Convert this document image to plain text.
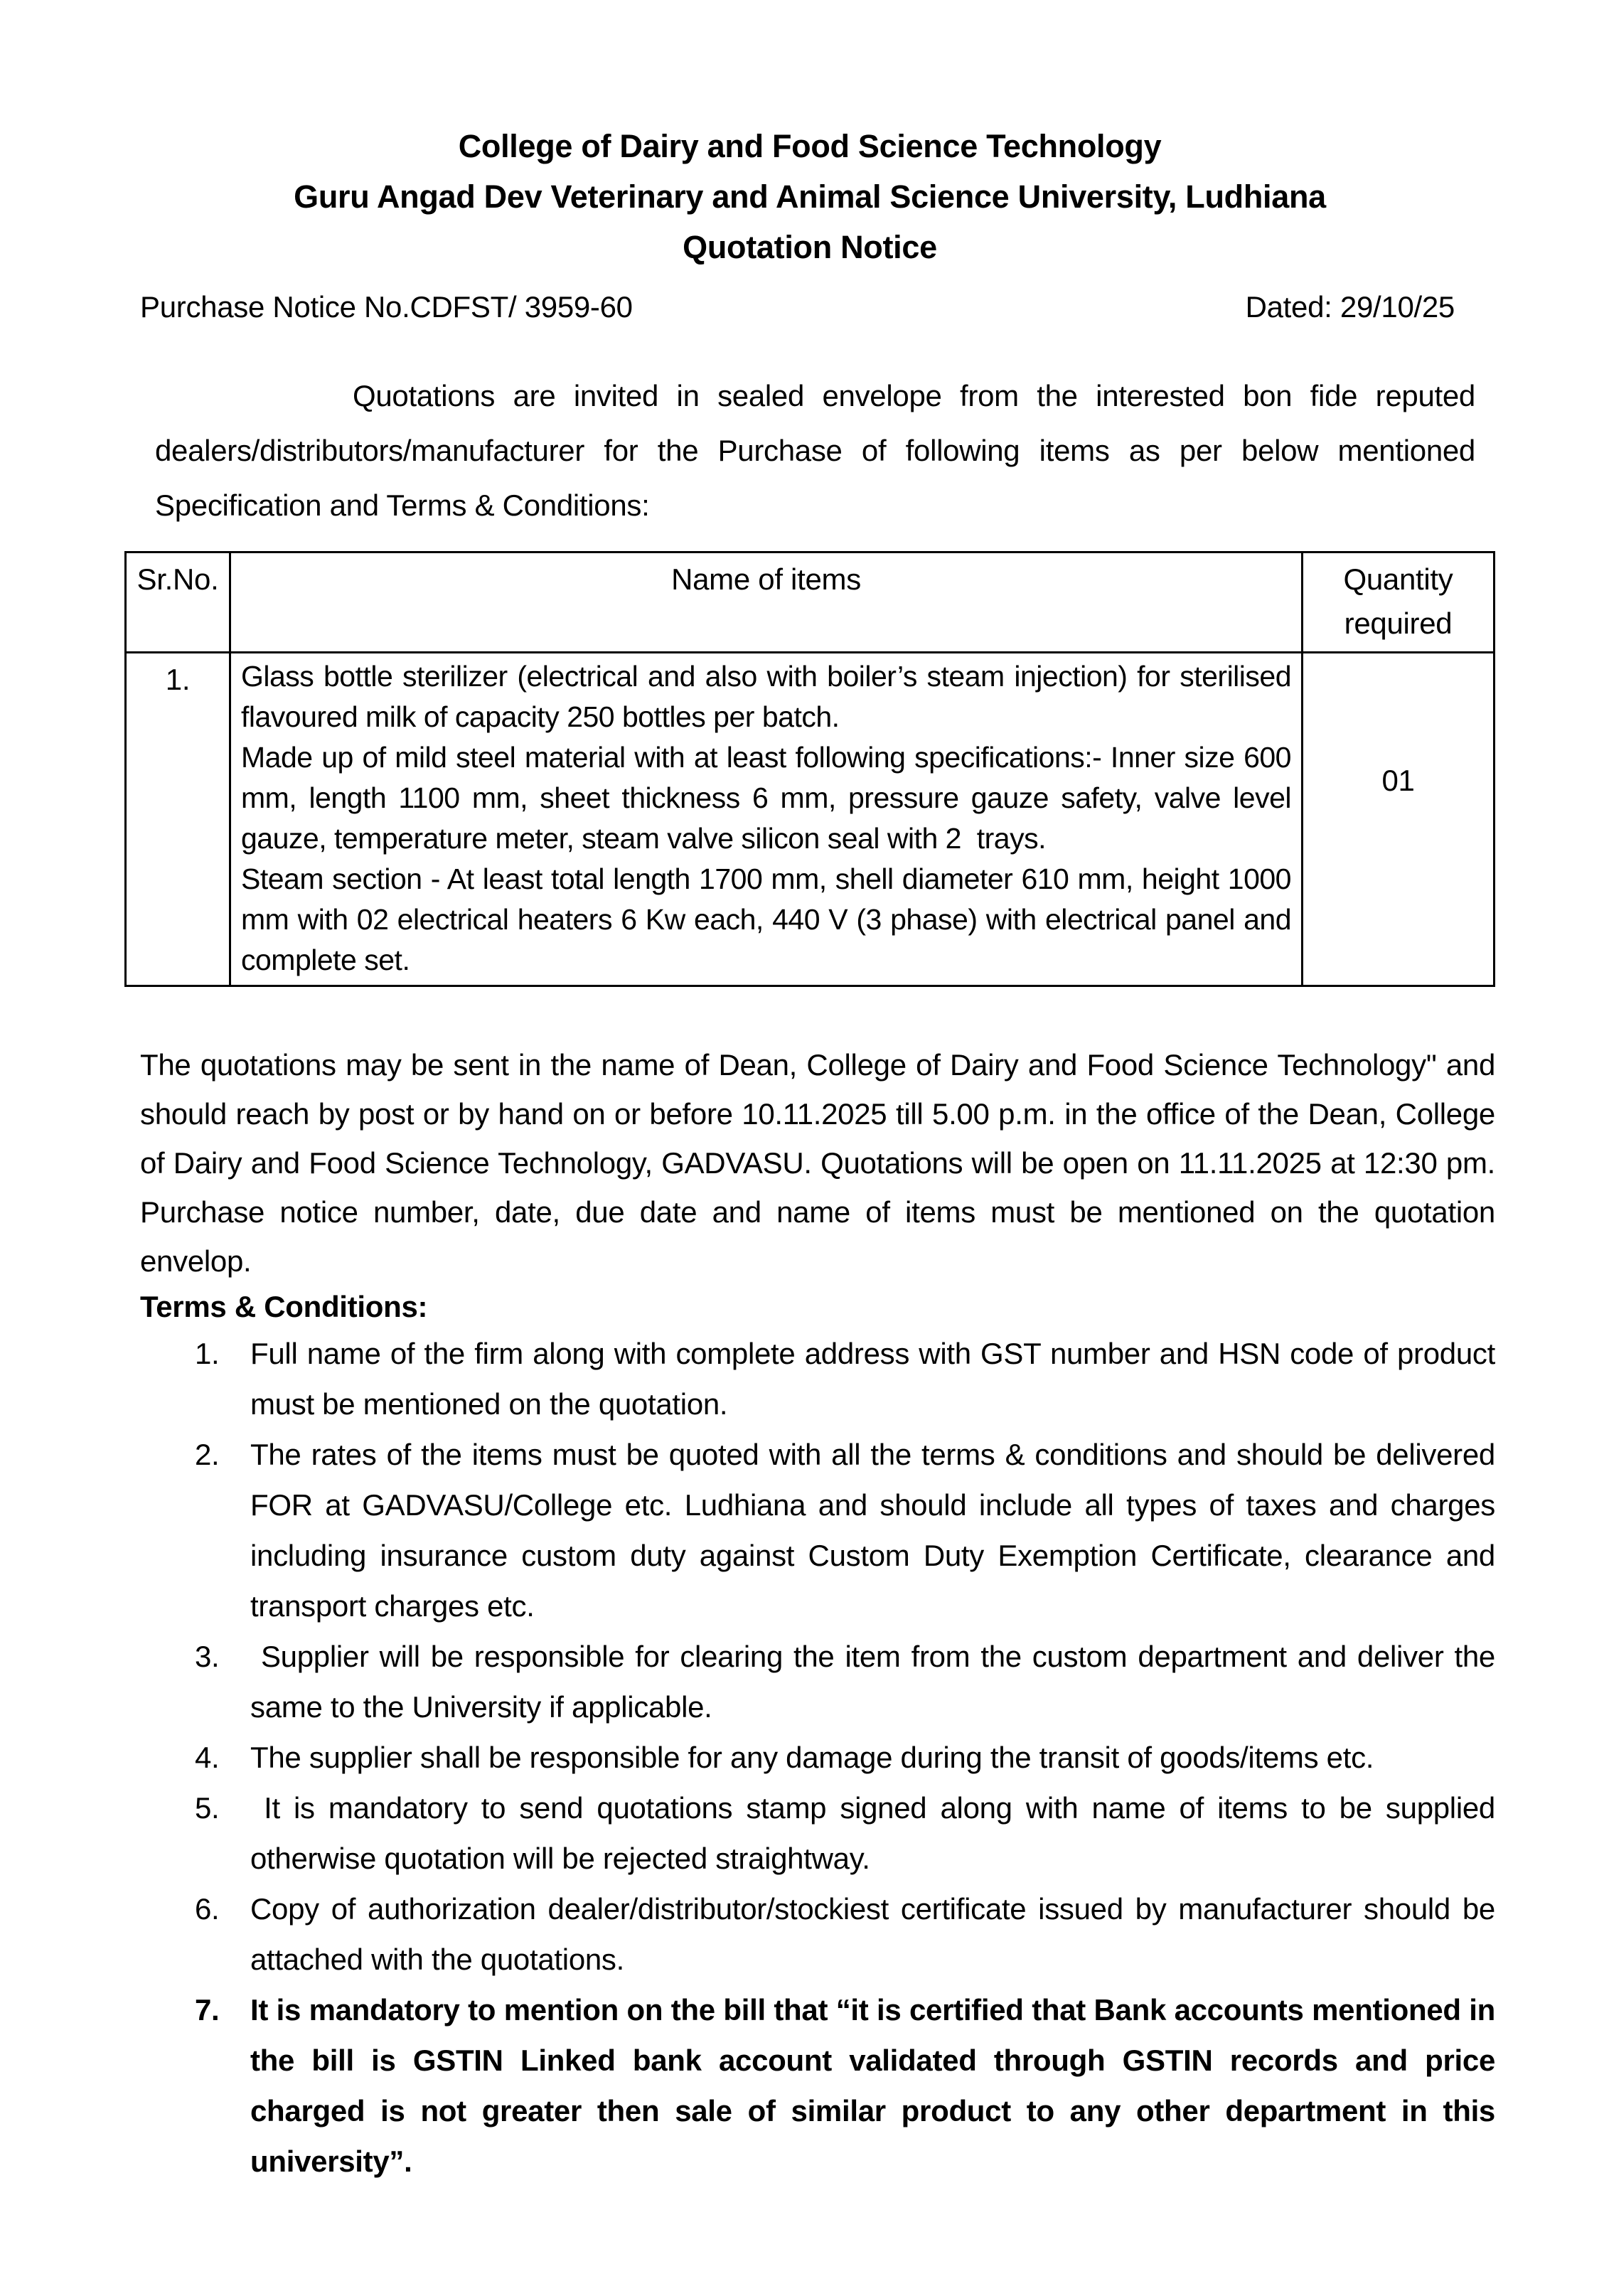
College of Dairy and Food Science Technology

Guru Angad Dev Veterinary and Animal Science University, Ludhiana

Quotation Notice

Purchase Notice No.CDFST/ 3959-60	Dated: 29/10/25

Quotations are invited in sealed envelope from the interested bon fide reputed dealers/distributors/manufacturer for the Purchase of following items as per below mentioned Specification and Terms & Conditions:

Sr.No.	Name of items	Quantity required
1.	Glass bottle sterilizer (electrical and also with boiler’s steam injection) for sterilised flavoured milk of capacity 250 bottles per batch.

Made up of mild steel material with at least following specifications:- Inner size 600 mm, length 1100 mm, sheet thickness 6 mm, pressure gauze safety, valve level gauze, temperature meter, steam valve silicon seal with 2  trays.

Steam section - At least total length 1700 mm, shell diameter 610 mm, height 1000 mm with 02 electrical heaters 6 Kw each, 440 V (3 phase) with electrical panel and complete set.	01

The quotations may be sent in the name of Dean, College of Dairy and Food Science Technology" and should reach by post or by hand on or before 10.11.2025 till 5.00 p.m. in the office of the Dean, College of Dairy and Food Science Technology, GADVASU. Quotations will be open on 11.11.2025 at 12:30 pm. Purchase notice number, date, due date and name of items must be mentioned on the quotation envelop.

Terms & Conditions:

1. Full name of the firm along with complete address with GST number and HSN code of product must be mentioned on the quotation.
2. The rates of the items must be quoted with all the terms & conditions and should be delivered FOR at GADVASU/College etc. Ludhiana and should include all types of taxes and charges including insurance custom duty against Custom Duty Exemption Certificate, clearance and transport charges etc.
3. Supplier will be responsible for clearing the item from the custom department and deliver the same to the University if applicable.
4. The supplier shall be responsible for any damage during the transit of goods/items etc.
5. It is mandatory to send quotations stamp signed along with name of items to be supplied otherwise quotation will be rejected straightway.
6. Copy of authorization dealer/distributor/stockiest certificate issued by manufacturer should be attached with the quotations.
7. It is mandatory to mention on the bill that “it is certified that Bank accounts mentioned in the bill is GSTIN Linked bank account validated through GSTIN records and price charged is not greater then sale of similar product to any other department in this university”.
